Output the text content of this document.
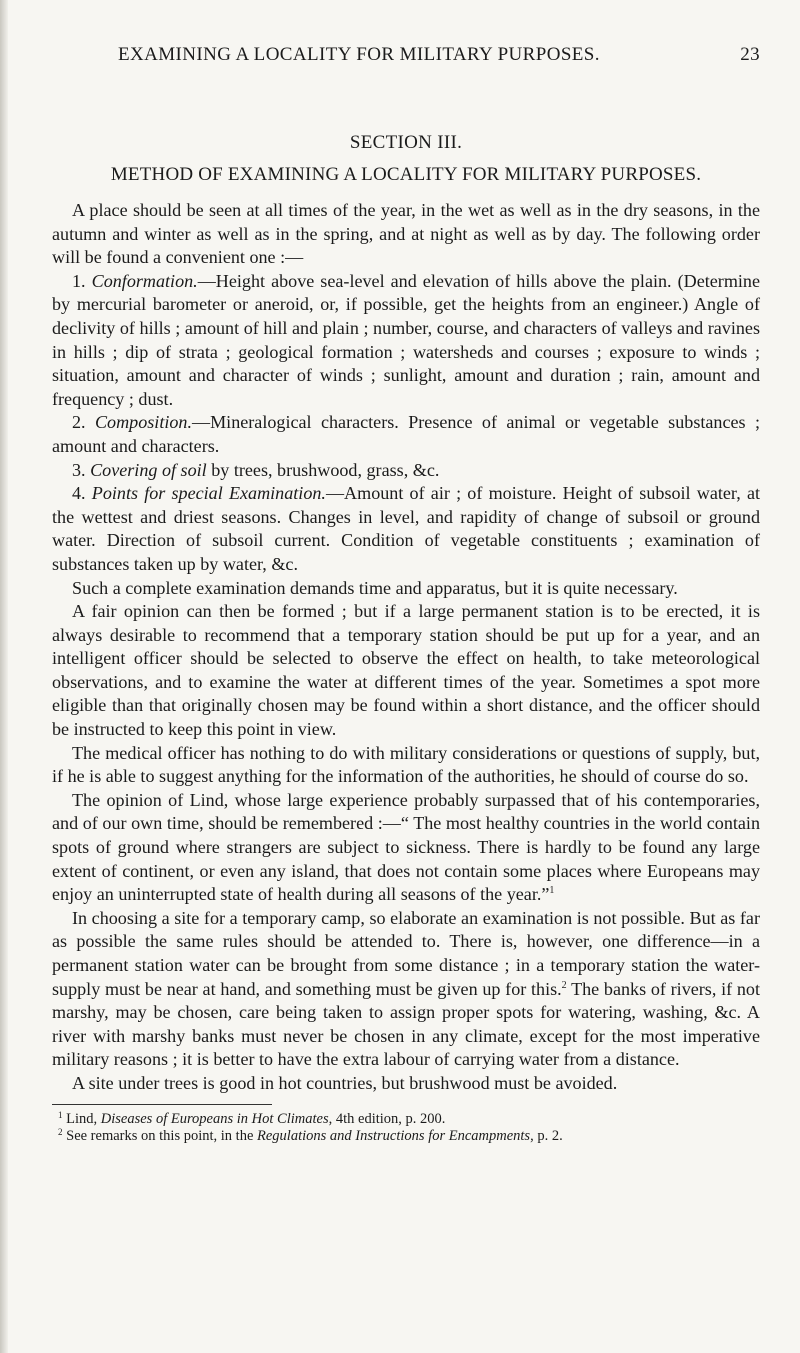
EXAMINING A LOCALITY FOR MILITARY PURPOSES.	23
SECTION III.
METHOD OF EXAMINING A LOCALITY FOR MILITARY PURPOSES.

A place should be seen at all times of the year, in the wet as well as in the dry seasons, in the autumn and winter as well as in the spring, and at night as well as by day. The following order will be found a convenient one :—

1. Conformation.—Height above sea-level and elevation of hills above the plain. (Determine by mercurial barometer or aneroid, or, if possible, get the heights from an engineer.) Angle of declivity of hills ; amount of hill and plain ; number, course, and characters of valleys and ravines in hills ; dip of strata ; geological formation ; watersheds and courses ; exposure to winds ; situation, amount and character of winds ; sunlight, amount and duration ; rain, amount and frequency ; dust.

2. Composition.—Mineralogical characters. Presence of animal or vegetable substances ; amount and characters.

3. Covering of soil by trees, brushwood, grass, &c.

4. Points for special Examination.—Amount of air ; of moisture. Height of subsoil water, at the wettest and driest seasons. Changes in level, and rapidity of change of subsoil or ground water. Direction of subsoil current. Condition of vegetable constituents ; examination of substances taken up by water, &c.

Such a complete examination demands time and apparatus, but it is quite necessary.

A fair opinion can then be formed ; but if a large permanent station is to be erected, it is always desirable to recommend that a temporary station should be put up for a year, and an intelligent officer should be selected to observe the effect on health, to take meteorological observations, and to examine the water at different times of the year. Sometimes a spot more eligible than that originally chosen may be found within a short distance, and the officer should be instructed to keep this point in view.

The medical officer has nothing to do with military considerations or questions of supply, but, if he is able to suggest anything for the information of the authorities, he should of course do so.

The opinion of Lind, whose large experience probably surpassed that of his contemporaries, and of our own time, should be remembered :—“ The most healthy countries in the world contain spots of ground where strangers are subject to sickness. There is hardly to be found any large extent of continent, or even any island, that does not contain some places where Europeans may enjoy an uninterrupted state of health during all seasons of the year.”$^1$

In choosing a site for a temporary camp, so elaborate an examination is not possible. But as far as possible the same rules should be attended to. There is, however, one difference—in a permanent station water can be brought from some distance ; in a temporary station the water-supply must be near at hand, and something must be given up for this.$^2$ The banks of rivers, if not marshy, may be chosen, care being taken to assign proper spots for watering, washing, &c. A river with marshy banks must never be chosen in any climate, except for the most imperative military reasons ; it is better to have the extra labour of carrying water from a distance.

A site under trees is good in hot countries, but brushwood must be avoided.

$^1$ Lind, Diseases of Europeans in Hot Climates, 4th edition, p. 200.

$^2$ See remarks on this point, in the Regulations and Instructions for Encampments, p. 2.
